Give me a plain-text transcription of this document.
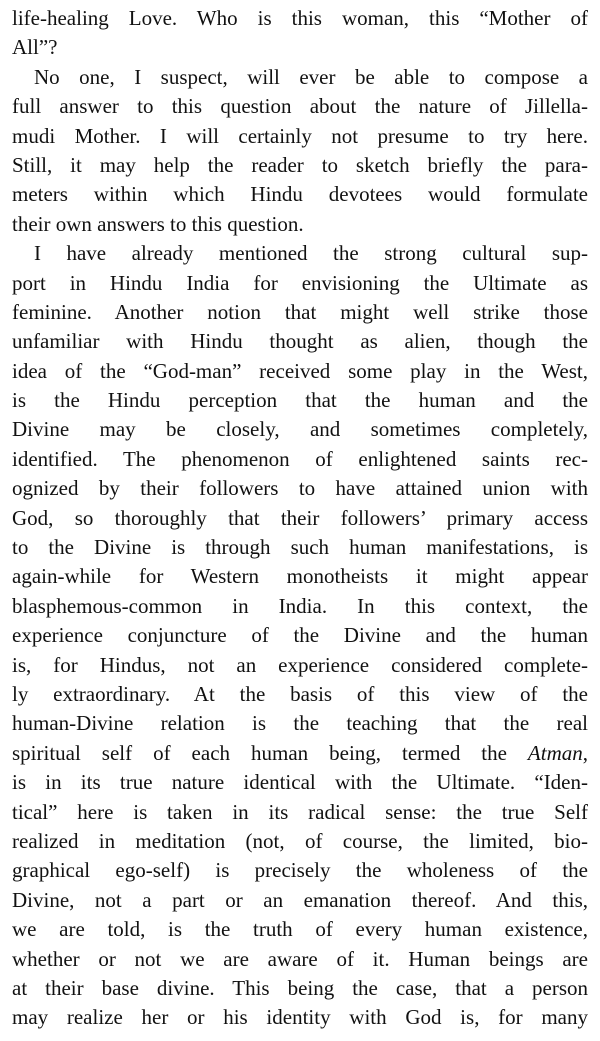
life-healing Love. Who is this woman, this “Mother of
All”?
No one, I suspect, will ever be able to compose a
full answer to this question about the nature of Jillella-
mudi Mother. I will certainly not presume to try here.
Still, it may help the reader to sketch briefly the para-
meters within which Hindu devotees would formulate
their own answers to this question.
I have already mentioned the strong cultural sup-
port in Hindu India for envisioning the Ultimate as
feminine. Another notion that might well strike those
unfamiliar with Hindu thought as alien, though the
idea of the “God-man” received some play in the West,
is the Hindu perception that the human and the
Divine may be closely, and sometimes completely,
identified. The phenomenon of enlightened saints rec-
ognized by their followers to have attained union with
God, so thoroughly that their followers’ primary access
to the Divine is through such human manifestations, is
again-while for Western monotheists it might appear
blasphemous-common in India. In this context, the
experience conjuncture of the Divine and the human
is, for Hindus, not an experience considered complete-
ly extraordinary. At the basis of this view of the
human-Divine relation is the teaching that the real
spiritual self of each human being, termed the Atman,
is in its true nature identical with the Ultimate. “Iden-
tical” here is taken in its radical sense: the true Self
realized in meditation (not, of course, the limited, bio-
graphical ego-self) is precisely the wholeness of the
Divine, not a part or an emanation thereof. And this,
we are told, is the truth of every human existence,
whether or not we are aware of it. Human beings are
at their base divine. This being the case, that a person
may realize her or his identity with God is, for many
